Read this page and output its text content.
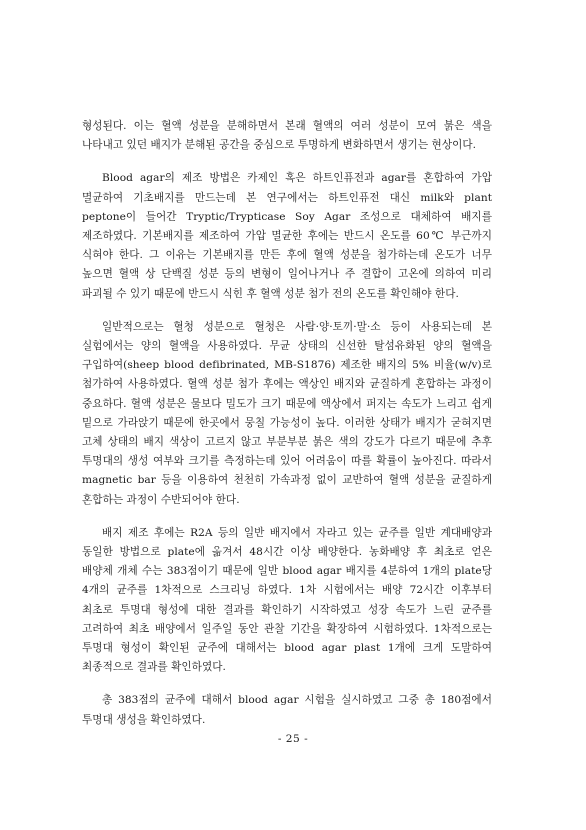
형성된다. 이는 혈액 성분을 분해하면서 본래 혈액의 여러 성분이 모여 붉은 색을 나타내고 있던 배지가 분해된 공간을 중심으로 투명하게 변화하면서 생기는 현상이다.

Blood agar의 제조 방법은 카제인 혹은 하트인퓨전과 agar를 혼합하여 가압 멸균하여 기초배지를 만드는데 본 연구에서는 하트인퓨전 대신 milk와 plant peptone이 들어간 Tryptic/Trypticase Soy Agar 조성으로 대체하여 배지를 제조하였다. 기본배지를 제조하여 가압 멸균한 후에는 반드시 온도를 60℃ 부근까지 식혀야 한다. 그 이유는 기본배지를 만든 후에 혈액 성분을 첨가하는데 온도가 너무 높으면 혈액 상 단백질 성분 등의 변형이 일어나거나 주 결합이 고온에 의하여 미리 파괴될 수 있기 때문에 반드시 식힌 후 혈액 성분 첨가 전의 온도를 확인해야 한다.

일반적으로는 혈청 성분으로 혈청은 사람·양·토끼·말·소 등이 사용되는데 본 실험에서는 양의 혈액을 사용하였다. 무균 상태의 신선한 탈섬유화된 양의 혈액을 구입하여(sheep blood defibrinated, MB-S1876) 제조한 배지의 5% 비율(w/v)로 첨가하여 사용하였다. 혈액 성분 첨가 후에는 액상인 배지와 균질하게 혼합하는 과정이 중요하다. 혈액 성분은 물보다 밀도가 크기 때문에 액상에서 퍼지는 속도가 느리고 쉽게 밑으로 가라앉기 때문에 한곳에서 뭉칠 가능성이 높다. 이러한 상태가 배지가 굳혀지면 고체 상태의 배지 색상이 고르지 않고 부분부분 붉은 색의 강도가 다르기 때문에 추후 투명대의 생성 여부와 크기를 측정하는데 있어 어려움이 따를 확률이 높아진다. 따라서 magnetic bar 등을 이용하여 천천히 가속과정 없이 교반하여 혈액 성분을 균질하게 혼합하는 과정이 수반되어야 한다.

배지 제조 후에는 R2A 등의 일반 배지에서 자라고 있는 균주를 일반 계대배양과 동일한 방법으로 plate에 옮겨서 48시간 이상 배양한다. 농화배양 후 최초로 얻은 배양체 개체 수는 383점이기 때문에 일반 blood agar 배지를 4분하여 1개의 plate당 4개의 균주를 1차적으로 스크리닝 하였다. 1차 시험에서는 배양 72시간 이후부터 최초로 투명대 형성에 대한 결과를 확인하기 시작하였고 성장 속도가 느린 균주를 고려하여 최초 배양에서 일주일 동안 관찰 기간을 확장하여 시험하였다. 1차적으로는 투명대 형성이 확인된 균주에 대해서는 blood agar plast 1개에 크게 도말하여 최종적으로 결과를 확인하였다.

총 383점의 균주에 대해서 blood agar 시험을 실시하였고 그중 총 180점에서 투명대 생성을 확인하였다.

- 25 -
